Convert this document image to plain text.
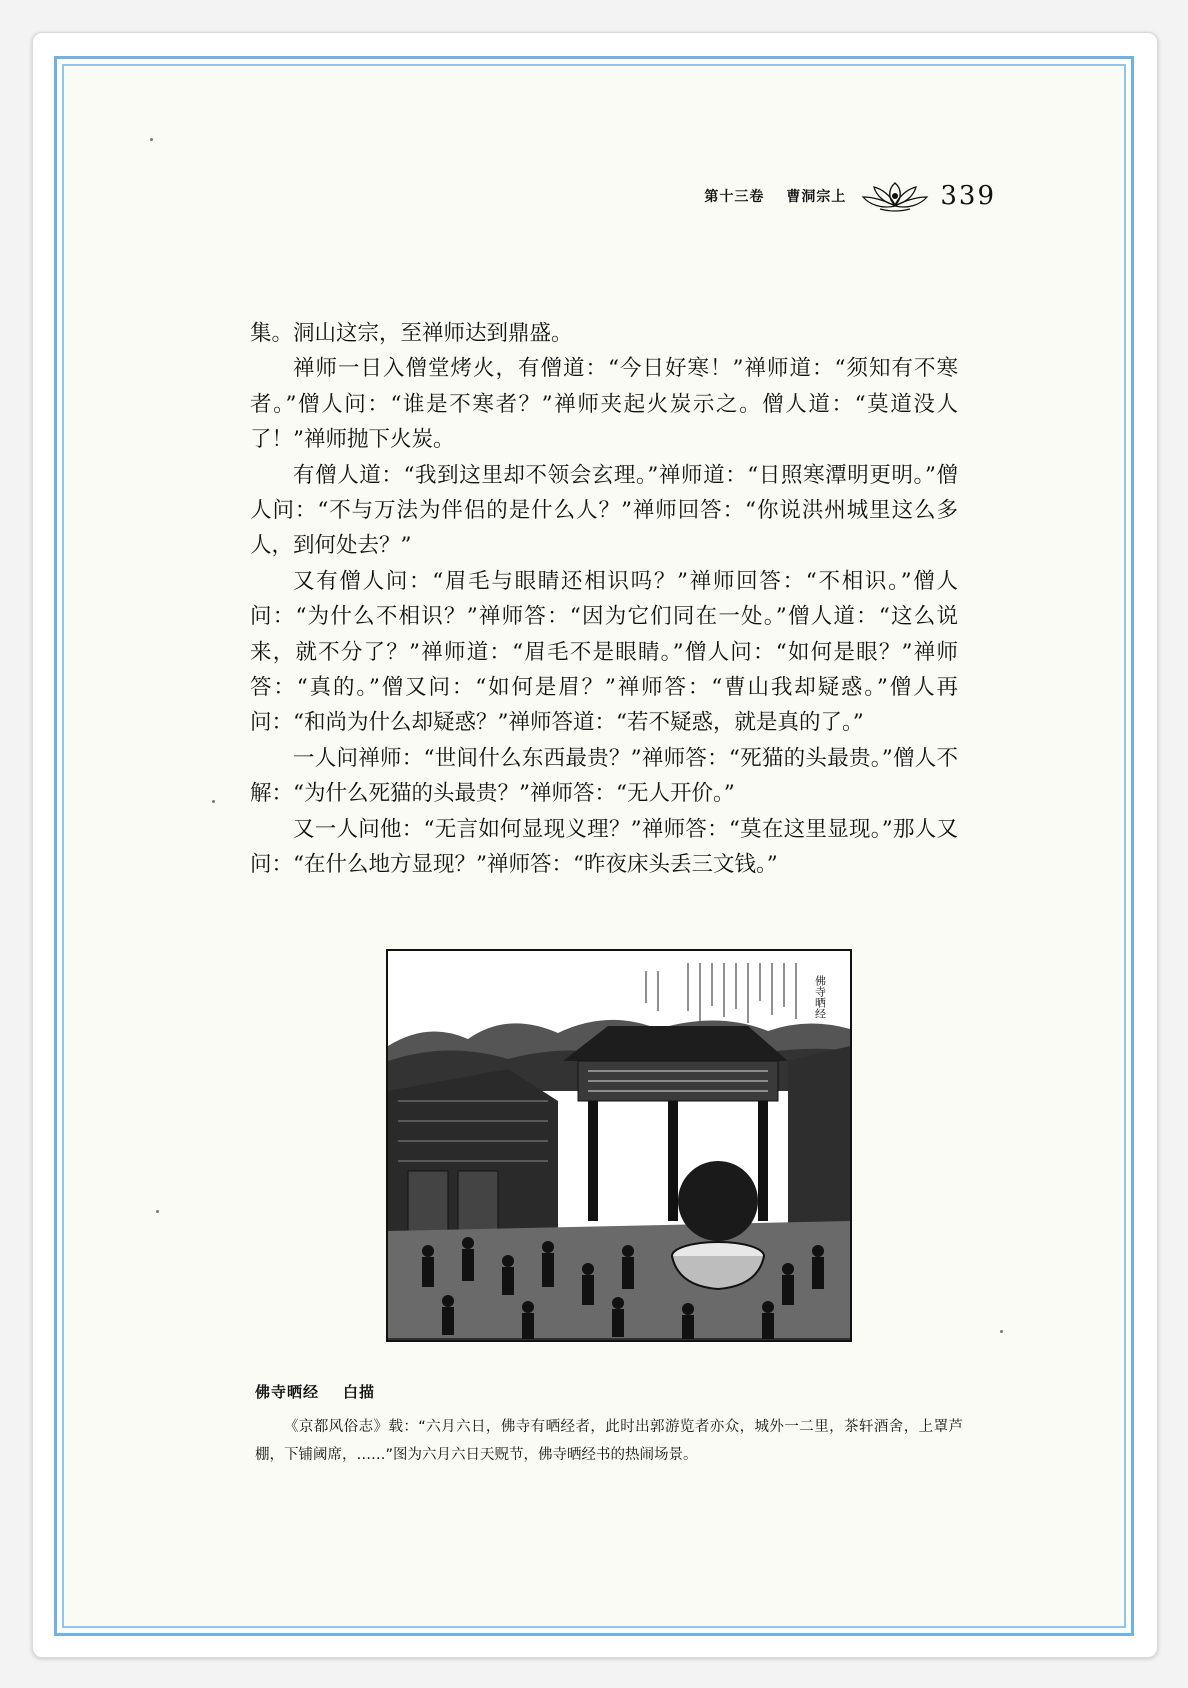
第十三卷 曹洞宗上	339

集。洞山这宗，至禅师达到鼎盛。

禅师一日入僧堂烤火，有僧道：“今日好寒！”禅师道：“须知有不寒者。”僧人问：“谁是不寒者？”禅师夹起火炭示之。僧人道：“莫道没人了！”禅师抛下火炭。

有僧人道：“我到这里却不领会玄理。”禅师道：“日照寒潭明更明。”僧人问：“不与万法为伴侣的是什么人？”禅师回答：“你说洪州城里这么多人，到何处去？”

又有僧人问：“眉毛与眼睛还相识吗？”禅师回答：“不相识。”僧人问：“为什么不相识？”禅师答：“因为它们同在一处。”僧人道：“这么说来，就不分了？”禅师道：“眉毛不是眼睛。”僧人问：“如何是眼？”禅师答：“真的。”僧又问：“如何是眉？”禅师答：“曹山我却疑惑。”僧人再问：“和尚为什么却疑惑？”禅师答道：“若不疑惑，就是真的了。”

一人问禅师：“世间什么东西最贵？”禅师答：“死猫的头最贵。”僧人不解：“为什么死猫的头最贵？”禅师答：“无人开价。”

又一人问他：“无言如何显现义理？”禅师答：“莫在这里显现。”那人又问：“在什么地方显现？”禅师答：“昨夜床头丢三文钱。”

佛寺晒经
佛寺晒经 白描
《京都风俗志》载：“六月六日，佛寺有晒经者，此时出郭游览者亦众，城外一二里，茶轩酒舍，上罩芦棚，下铺阈席，……”图为六月六日天贶节，佛寺晒经书的热闹场景。
